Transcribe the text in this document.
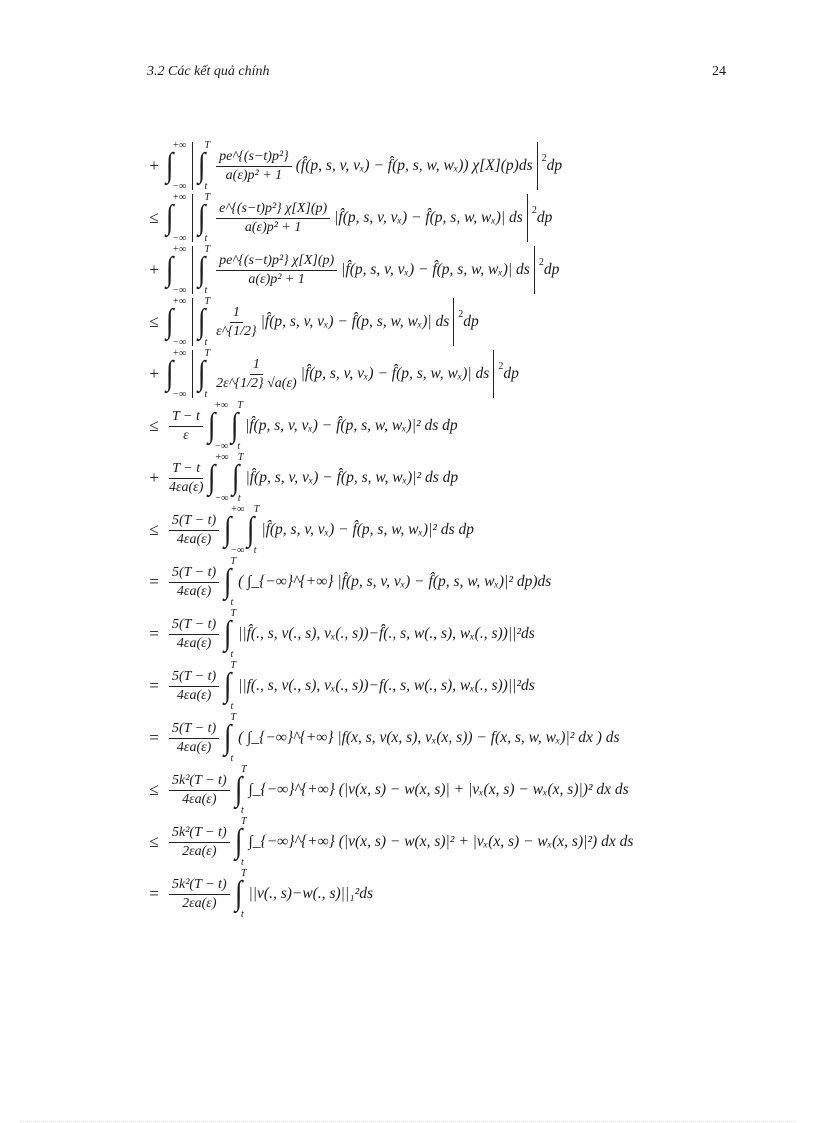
3.2 Các kết quả chính	24
+ ∫
+∞
−∞
∫
T
t
$\frac{\text{pe\textasciicircum{}\{(s−t)p²\}}}{\text{a(ε)p² + 1}}$ ( f̂(p, s, v, vₓ) − f̂(p, s, w, wₓ)) χ[X](p)ds 2 dp
≤ ∫
+∞
−∞
∫
T
t
$\frac{\text{e\textasciicircum{}\{(s−t)p²\} χ[X](p)}}{\text{a(ε)p² + 1}}$ |f̂(p, s, v, vₓ) − f̂(p, s, w, wₓ)| ds 2 dp
+ ∫
+∞
−∞
∫
T
t
$\frac{\text{pe\textasciicircum{}\{(s−t)p²\} χ[X](p)}}{\text{a(ε)p² + 1}}$ |f̂(p, s, v, vₓ) − f̂(p, s, w, wₓ)| ds 2 dp
≤ ∫
+∞
−∞
∫
T
t
$\frac{1}{\varepsilon\^{}\{1/2\}}$ |f̂(p, s, v, vₓ) − f̂(p, s, w, wₓ)| ds 2 dp
+ ∫
+∞
−∞
∫
T
t
$\frac{1}{2\varepsilon\^{}\{1/2\} √a(\varepsilon)}$ |f̂(p, s, v, vₓ) − f̂(p, s, w, wₓ)| ds 2 dp
≤ $\frac{T - t}{\varepsilon}$ ∫
+∞
−∞
∫
T
t
|f̂(p, s, v, vₓ) − f̂(p, s, w, wₓ)|² ds dp
+ $\frac{T - t}{4\varepsilon a(\varepsilon)}$ ∫
+∞
−∞
∫
T
t
|f̂(p, s, v, vₓ) − f̂(p, s, w, wₓ)|² ds dp
≤ $\frac{5(T - t)}{4\varepsilon a(\varepsilon)}$ ∫
+∞
−∞
∫
T
t
|f̂(p, s, v, vₓ) − f̂(p, s, w, wₓ)|² ds dp
= $\frac{5(T - t)}{4\varepsilon a(\varepsilon)}$ ∫
T
t
( ∫_{−∞}^{+∞} |f̂(p, s, v, vₓ) − f̂(p, s, w, wₓ)|² dp)ds
= $\frac{5(T - t)}{4\varepsilon a(\varepsilon)}$ ∫
T
t
||f̂(., s, v(., s), vₓ(., s))−f̂(., s, w(., s), wₓ(., s))||²ds
= $\frac{5(T - t)}{4\varepsilon a(\varepsilon)}$ ∫
T
t
||f(., s, v(., s), vₓ(., s))−f(., s, w(., s), wₓ(., s))||²ds
= $\frac{5(T - t)}{4\varepsilon a(\varepsilon)}$ ∫
T
t
( ∫_{−∞}^{+∞} |f(x, s, v(x, s), vₓ(x, s)) − f(x, s, w, wₓ)|² dx ) ds
≤ $\frac{\text{5k²(T − t)}}{4\varepsilon a(\varepsilon)}$ ∫
T
t
∫_{−∞}^{+∞} (|v(x, s) − w(x, s)| + |vₓ(x, s) − wₓ(x, s)|)² dx ds
≤ $\frac{\text{5k²(T − t)}}{2\varepsilon a(\varepsilon)}$ ∫
T
t
∫_{−∞}^{+∞} (|v(x, s) − w(x, s)|² + |vₓ(x, s) − wₓ(x, s)|²) dx ds
= $\frac{\text{5k²(T − t)}}{2\varepsilon a(\varepsilon)}$ ∫
T
t
||v(., s)−w(., s)||₁²ds
